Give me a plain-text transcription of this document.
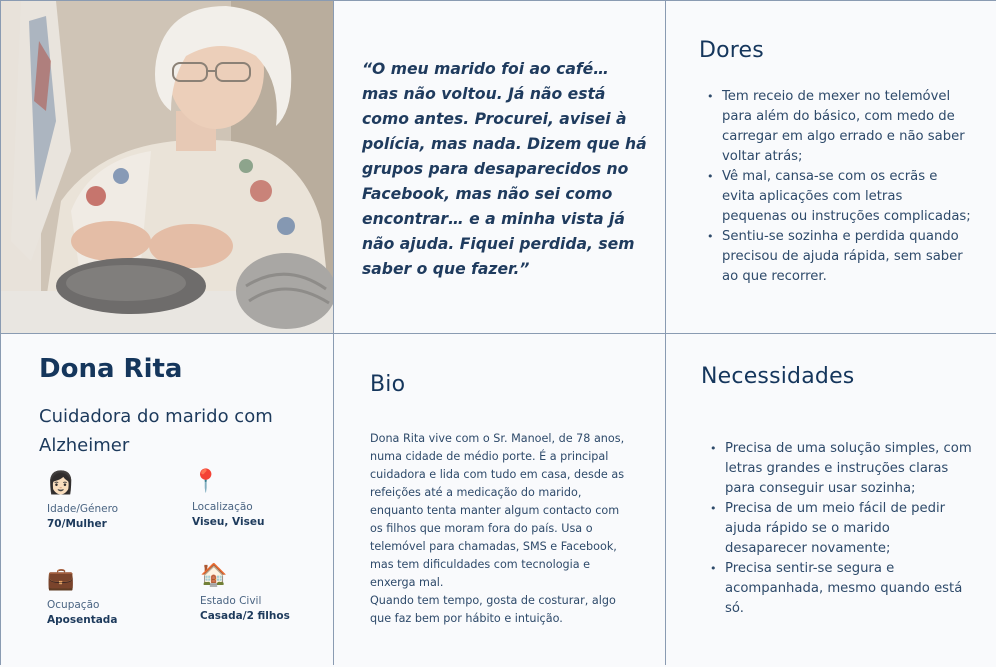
“O meu marido foi ao café… mas não voltou. Já não está como antes. Procurei, avisei à polícia, mas nada. Dizem que há grupos para desaparecidos no Facebook, mas não sei como encontrar… e a minha vista já não ajuda. Fiquei perdida, sem saber o que fazer.”

Dores
• Tem receio de mexer no telemóvel para além do básico, com medo de carregar em algo errado e não saber voltar atrás;
• Vê mal, cansa-se com os ecrãs e evita aplicações com letras pequenas ou instruções complicadas;
• Sentiu-se sozinha e perdida quando precisou de ajuda rápida, sem saber ao que recorrer.
Dona Rita
Cuidadora do marido com Alzheimer
👩🏻
Idade/Género
70/Mulher
📍
Localização
Viseu, Viseu
💼
Ocupação
Aposentada
🏠
Estado Civil
Casada/2 filhos
Bio

Dona Rita vive com o Sr. Manoel, de 78 anos, numa cidade de médio porte. É a principal cuidadora e lida com tudo em casa, desde as refeições até a medicação do marido, enquanto tenta manter algum contacto com os filhos que moram fora do país. Usa o telemóvel para chamadas, SMS e Facebook, mas tem dificuldades com tecnologia e enxerga mal.

Quando tem tempo, gosta de costurar, algo que faz bem por hábito e intuição.

Necessidades
• Precisa de uma solução simples, com letras grandes e instruções claras para conseguir usar sozinha;
• Precisa de um meio fácil de pedir ajuda rápido se o marido desaparecer novamente;
• Precisa sentir-se segura e acompanhada, mesmo quando está só.
